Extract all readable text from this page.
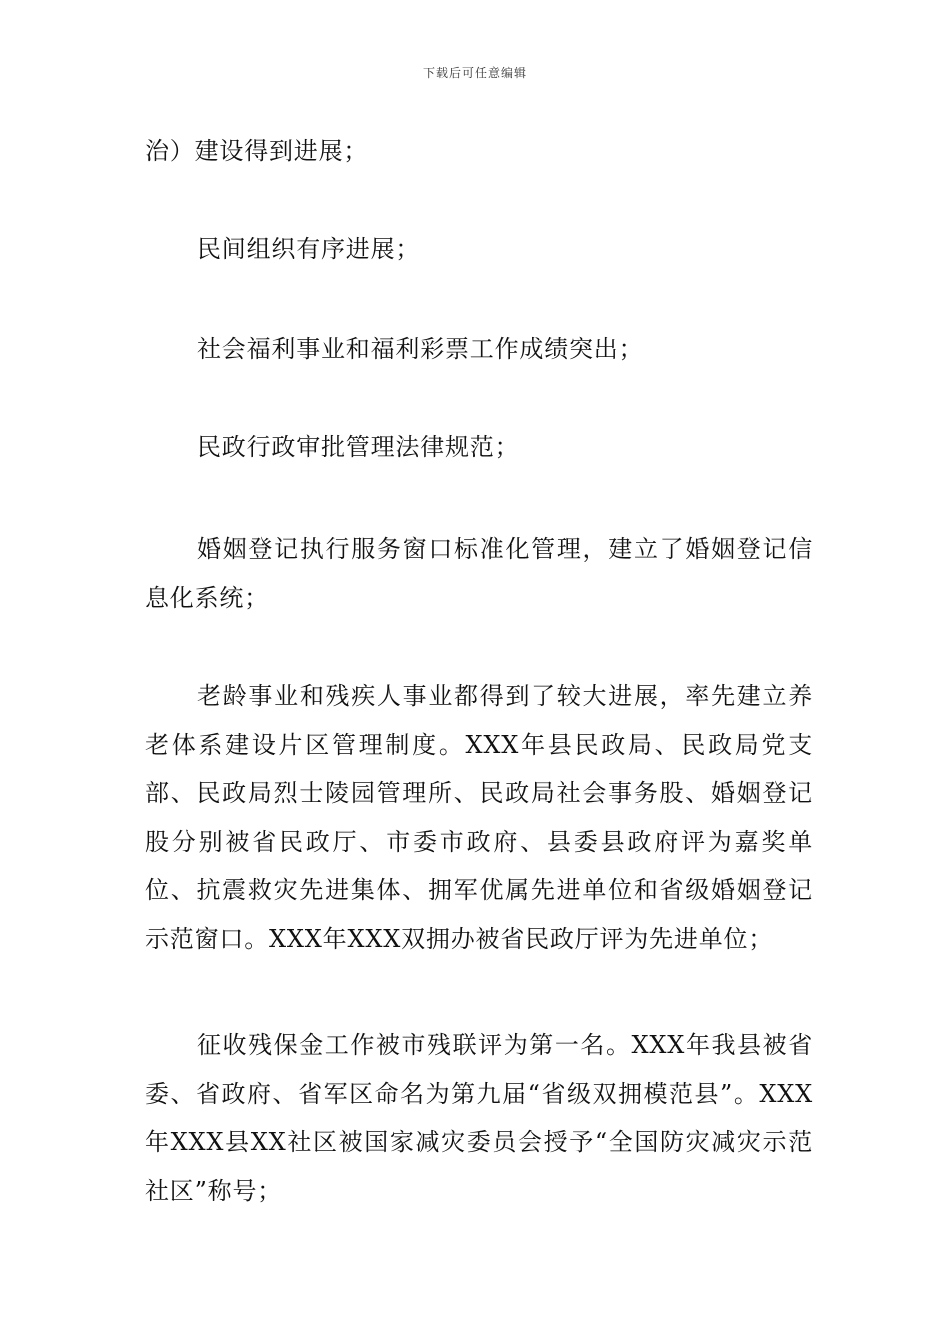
下载后可任意编辑

治）建设得到进展；

民间组织有序进展；

社会福利事业和福利彩票工作成绩突出；

民政行政审批管理法律规范；

婚姻登记执行服务窗口标准化管理，建立了婚姻登记信息化系统；

老龄事业和残疾人事业都得到了较大进展，率先建立养老体系建设片区管理制度。XXX年县民政局、民政局党支部、民政局烈士陵园管理所、民政局社会事务股、婚姻登记股分别被省民政厅、市委市政府、县委县政府评为嘉奖单位、抗震救灾先进集体、拥军优属先进单位和省级婚姻登记示范窗口。XXX年XXX双拥办被省民政厅评为先进单位；

征收残保金工作被市残联评为第一名。XXX年我县被省委、省政府、省军区命名为第九届“省级双拥模范县”。XXX年XXX县XX社区被国家减灾委员会授予“全国防灾减灾示范社区”称号；
